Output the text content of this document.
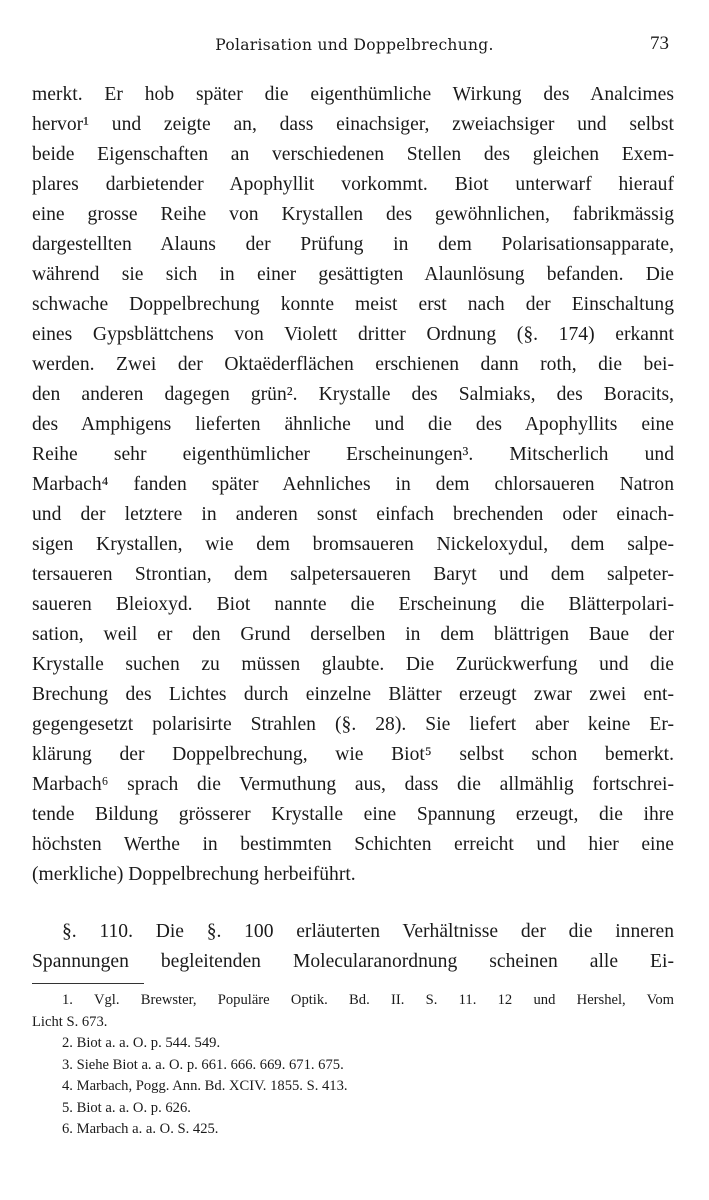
Polarisation und Doppelbrechung.	73
merkt. Er hob später die eigenthümliche Wirkung des Analcimes
hervor¹ und zeigte an, dass einachsiger, zweiachsiger und selbst
beide Eigenschaften an verschiedenen Stellen des gleichen Exem-
plares darbietender Apophyllit vorkommt. Biot unterwarf hierauf
eine grosse Reihe von Krystallen des gewöhnlichen, fabrikmässig
dargestellten Alauns der Prüfung in dem Polarisationsapparate,
während sie sich in einer gesättigten Alaunlösung befanden. Die
schwache Doppelbrechung konnte meist erst nach der Einschaltung
eines Gypsblättchens von Violett dritter Ordnung (§. 174) erkannt
werden. Zwei der Oktaëderflächen erschienen dann roth, die bei-
den anderen dagegen grün². Krystalle des Salmiaks, des Boracits,
des Amphigens lieferten ähnliche und die des Apophyllits eine
Reihe sehr eigenthümlicher Erscheinungen³. Mitscherlich und
Marbach⁴ fanden später Aehnliches in dem chlorsaueren Natron
und der letztere in anderen sonst einfach brechenden oder einach-
sigen Krystallen, wie dem bromsaueren Nickeloxydul, dem salpe-
tersaueren Strontian, dem salpetersaueren Baryt und dem salpeter-
saueren Bleioxyd. Biot nannte die Erscheinung die Blätterpolari-
sation, weil er den Grund derselben in dem blättrigen Baue der
Krystalle suchen zu müssen glaubte. Die Zurückwerfung und die
Brechung des Lichtes durch einzelne Blätter erzeugt zwar zwei ent-
gegengesetzt polarisirte Strahlen (§. 28). Sie liefert aber keine Er-
klärung der Doppelbrechung, wie Biot⁵ selbst schon bemerkt.
Marbach⁶ sprach die Vermuthung aus, dass die allmählig fortschrei-
tende Bildung grösserer Krystalle eine Spannung erzeugt, die ihre
höchsten Werthe in bestimmten Schichten erreicht und hier eine
(merkliche) Doppelbrechung herbeiführt.
§. 110. Die §. 100 erläuterten Verhältnisse der die inneren
Spannungen begleitenden Molecularanordnung scheinen alle Ei-
1. Vgl. Brewster, Populäre Optik. Bd. II. S. 11. 12 und Hershel, Vom
Licht S. 673.
2. Biot a. a. O. p. 544. 549.
3. Siehe Biot a. a. O. p. 661. 666. 669. 671. 675.
4. Marbach, Pogg. Ann. Bd. XCIV. 1855. S. 413.
5. Biot a. a. O. p. 626.
6. Marbach a. a. O. S. 425.
